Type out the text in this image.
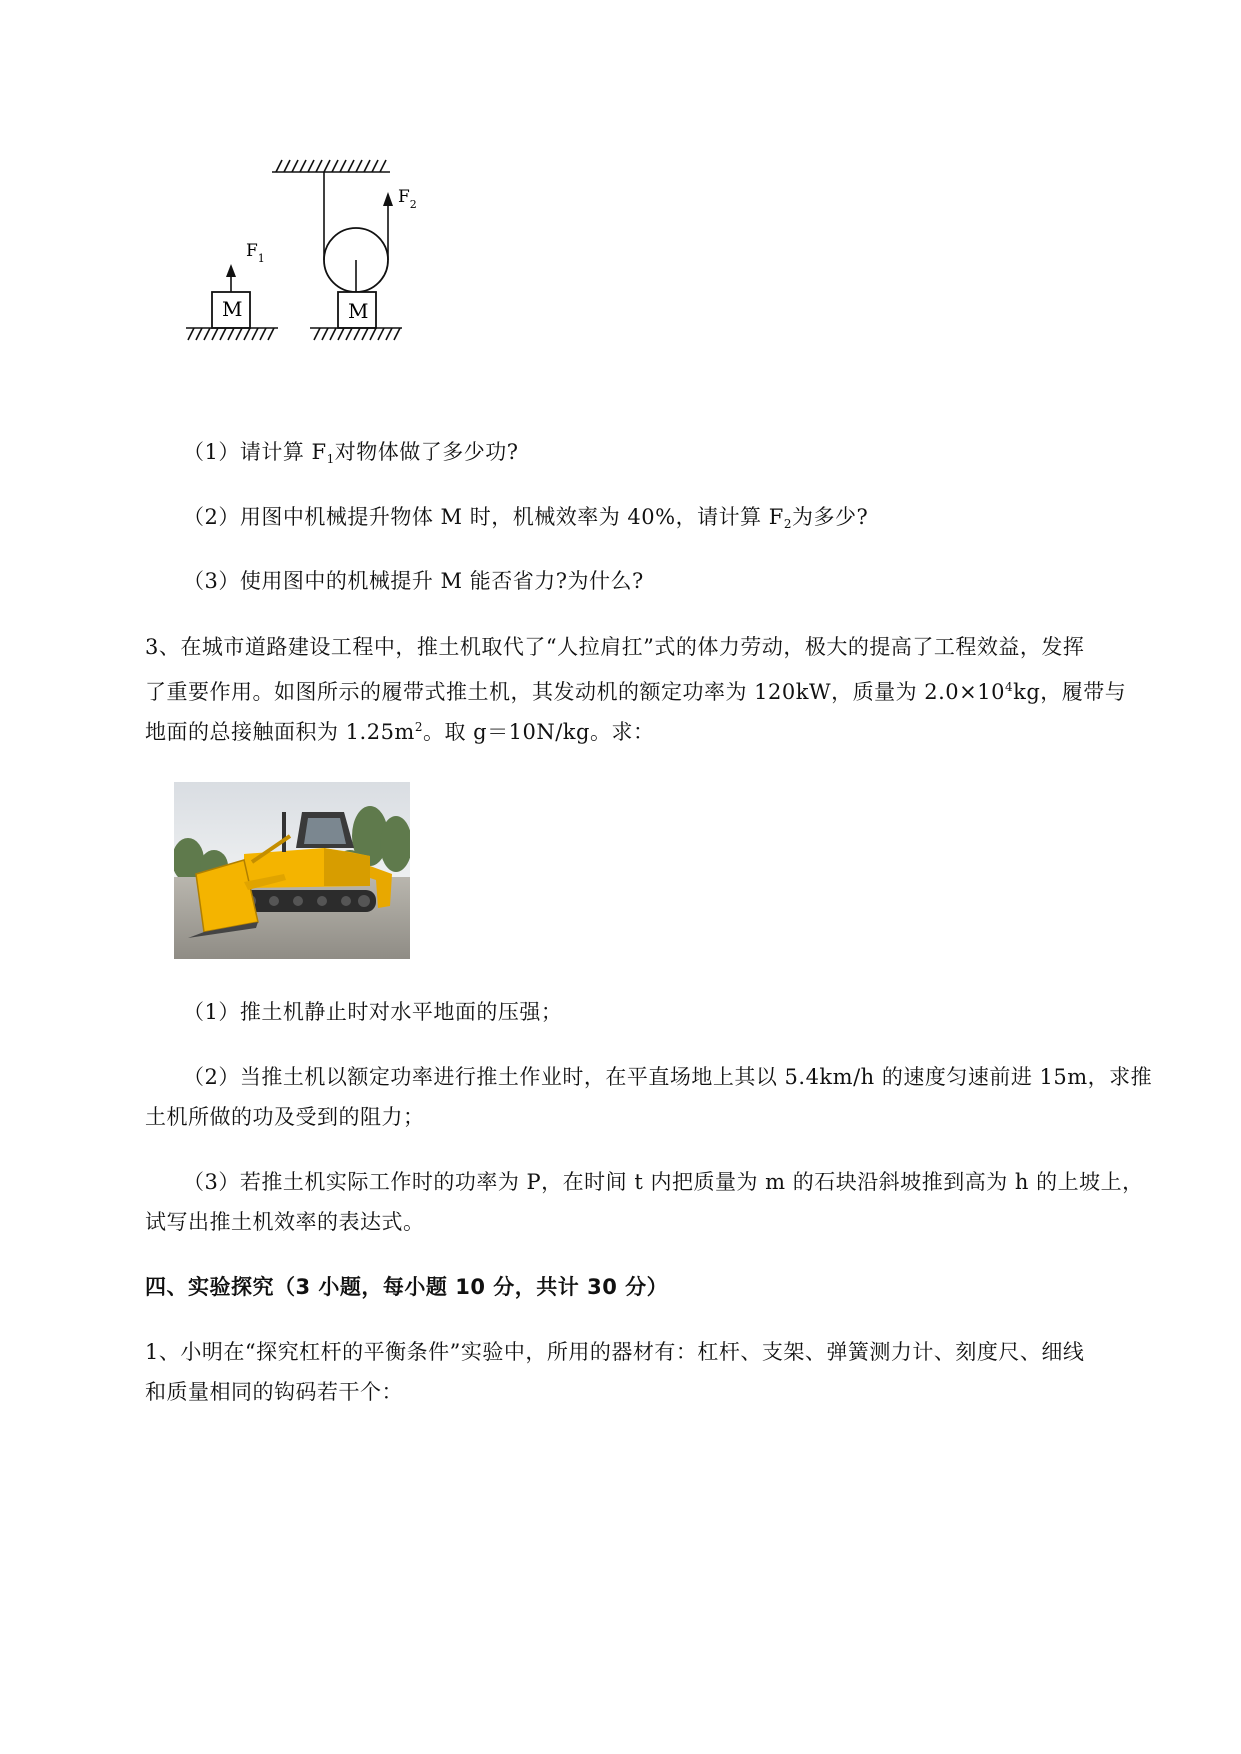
$F_2$
M
M
$F_1$
（1）请计算 $F_1$对物体做了多少功?
（2）用图中机械提升物体 M 时，机械效率为 40%，请计算 $F_2$为多少?
（3）使用图中的机械提升 M 能否省力?为什么?
3、在城市道路建设工程中，推土机取代了“人拉肩扛”式的体力劳动，极大的提高了工程效益，发挥
了重要作用。如图所示的履带式推土机，其发动机的额定功率为 120kW，质量为 $2.0\times 10^4kg$，履带与
地面的总接触面积为 $1.25m^2$。取 g＝10N/kg。求：
（1）推土机静止时对水平地面的压强；
（2）当推土机以额定功率进行推土作业时，在平直场地上其以 5.4km/h 的速度匀速前进 15m，求推
土机所做的功及受到的阻力；
（3）若推土机实际工作时的功率为 P，在时间 t 内把质量为 m 的石块沿斜坡推到高为 h 的上坡上，
试写出推土机效率的表达式。
四、实验探究（3 小题，每小题 10 分，共计 30 分）
1、小明在“探究杠杆的平衡条件”实验中，所用的器材有：杠杆、支架、弹簧测力计、刻度尺、细线
和质量相同的钩码若干个：
